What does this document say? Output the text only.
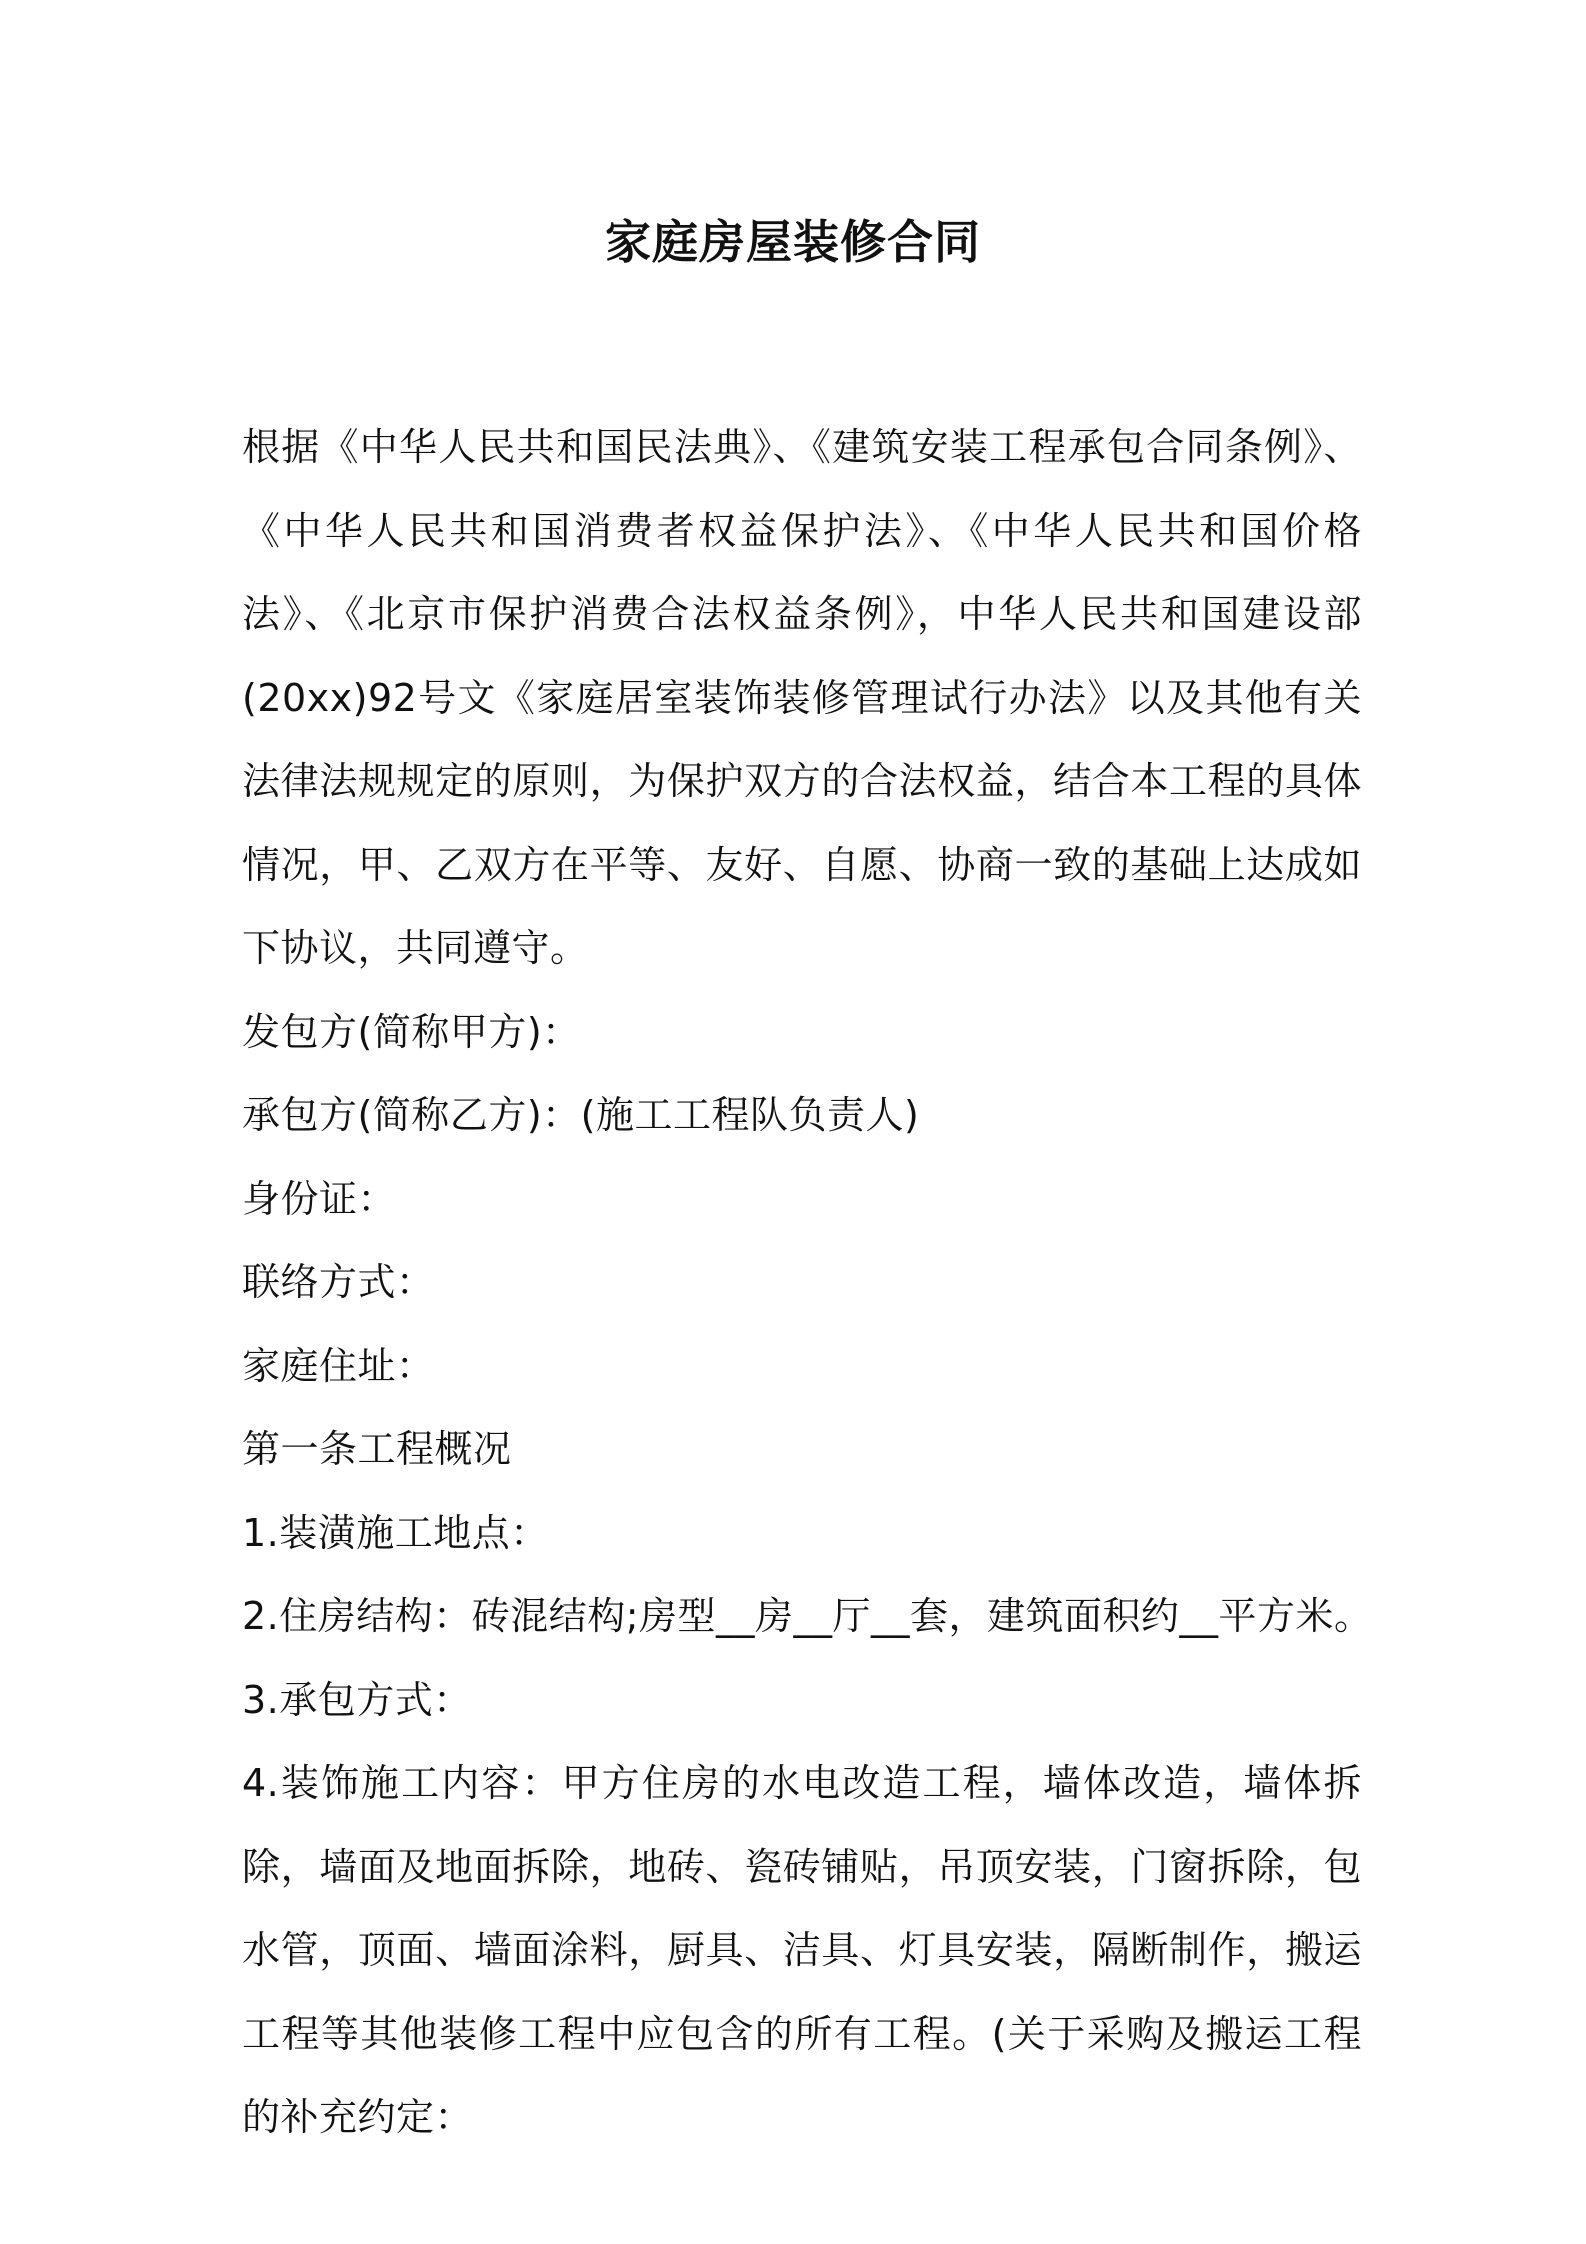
家庭房屋装修合同

根据《中华人民共和国民法典》、《建筑安装工程承包合同条例》、《中华人民共和国消费者权益保护法》、《中华人民共和国价格法》、《北京市保护消费合法权益条例》，中华人民共和国建设部(20xx)92号文《家庭居室装饰装修管理试行办法》以及其他有关法律法规规定的原则，为保护双方的合法权益，结合本工程的具体情况，甲、乙双方在平等、友好、自愿、协商一致的基础上达成如下协议，共同遵守。

发包方(简称甲方)：

承包方(简称乙方)：(施工工程队负责人)

身份证：

联络方式：

家庭住址：

第一条工程概况

1.装潢施工地点：

2.住房结构：砖混结构;房型__房__厅__套，建筑面积约__平方米。

3.承包方式：

4.装饰施工内容：甲方住房的水电改造工程，墙体改造，墙体拆除，墙面及地面拆除，地砖、瓷砖铺贴，吊顶安装，门窗拆除，包水管，顶面、墙面涂料，厨具、洁具、灯具安装，隔断制作，搬运工程等其他装修工程中应包含的所有工程。(关于采购及搬运工程的补充约定：
